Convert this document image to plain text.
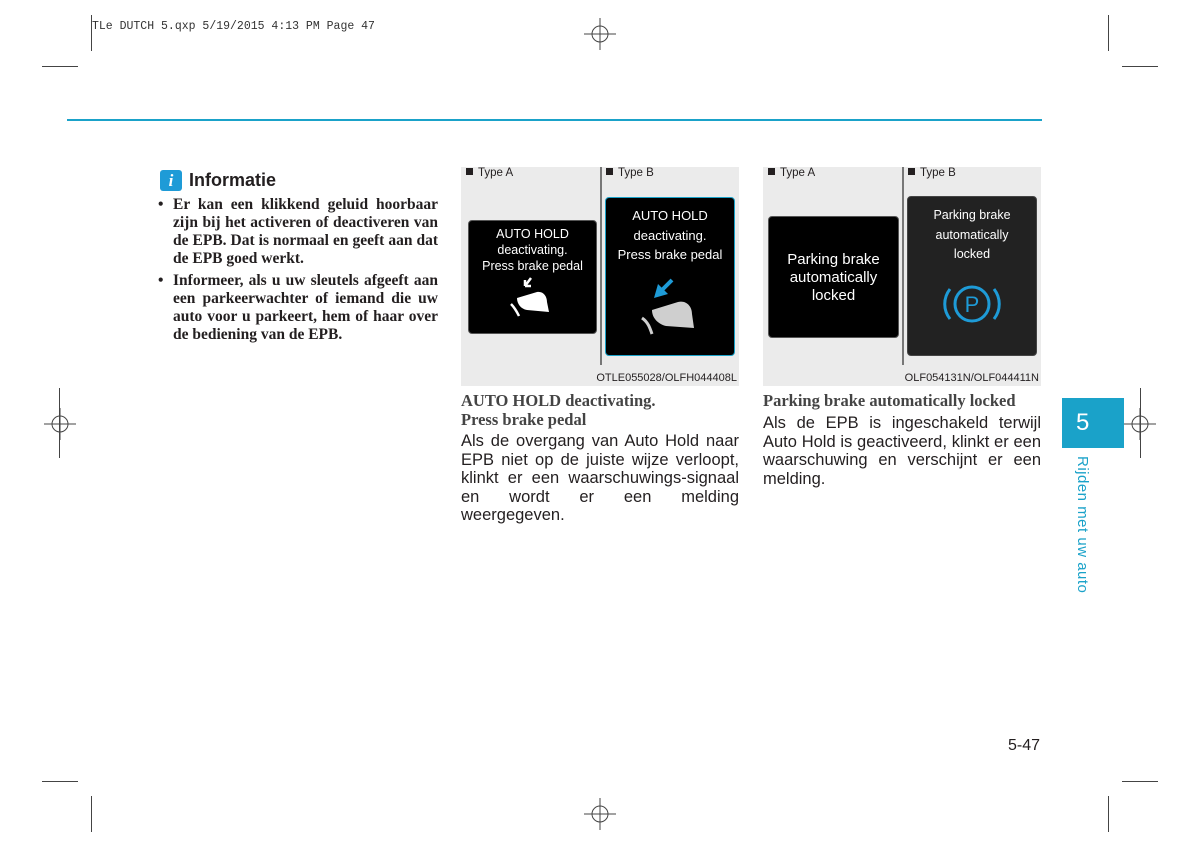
TLe DUTCH 5.qxp 5/19/2015 4:13 PM Page 47
i Informatie
• Er kan een klikkend geluid hoorbaar zijn bij het activeren of deactiveren van de EPB. Dat is normaal en geeft aan dat de EPB goed werkt.
• Informeer, als u uw sleutels afgeeft aan een parkeerwachter of iemand die uw auto voor u parkeert, hem of haar over de bediening van de EPB.
Type A	Type B
AUTO HOLD
deactivating.
Press brake pedal
AUTO HOLD
deactivating.
Press brake pedal
OTLE055028/OLFH044408L
AUTO HOLD deactivating.
Press brake pedal
Als de overgang van Auto Hold naar EPB niet op de juiste wijze verloopt, klinkt er een waarschuwings-signaal en wordt er een melding weergegeven.
Type A	Type B
Parking brake
automatically
locked
Parking brake
automatically
locked
P
OLF054131N/OLF044411N
Parking brake automatically locked
Als de EPB is ingeschakeld terwijl Auto Hold is geactiveerd, klinkt er een waarschuwing en verschijnt er een melding.
5
Rijden met uw auto
5-47
